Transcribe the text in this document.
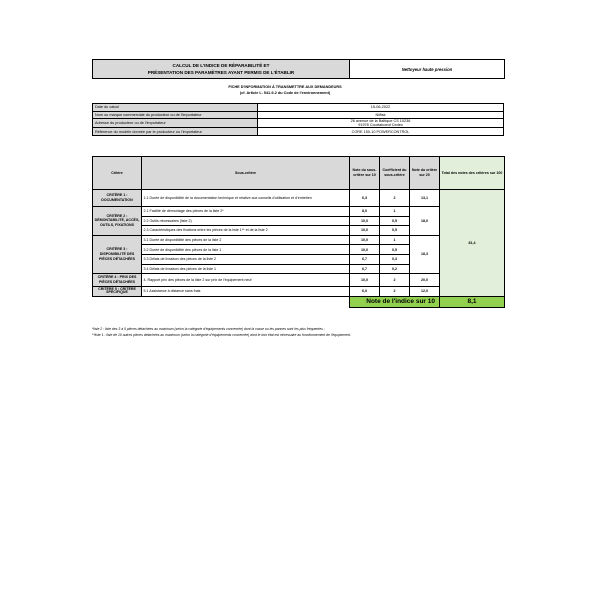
CALCUL DE L'INDICE DE RÉPARABILITÉ ET
PRÉSENTATION DES PARAMÈTRES AYANT PERMIS DE L'ÉTABLIR	Nettoyeur haute pression
FICHE D'INFORMATION À TRANSMETTRE AUX DEMANDEURS
(cf. Article L. 541-9-2 du Code de l'environnement)
Date du calcul	15-06-2022
Nom ou marque commerciale du producteur ou de l'importateur	Nilfisk
Adresse du producteur ou de l'importateur	26 avenue de la Baltique CS 10236
91978 Courtaboeuf Cedex

Référence du modèle donnée par le producteur ou l'importateur	CORE 150-10 POWERCONTROL
Critère	Sous-critère	Note du sous-critère sur 10	Coefficient du sous-critère	Note du critère sur 20	Total des notes des critères sur 100
CRITÈRE 1 : DOCUMENTATION	1.1 Durée de disponibilité de la documentation technique et relative aux conseils d'utilisation et d'entretien	6,3	2	13,1	81,4
CRITÈRE 2 : DÉMONTABILITÉ, ACCÈS, OUTILS, FIXATIONS	2.1 Facilité de démontage des pièces de la liste 2*	8,0	1	18,0	
	2.2 Outils nécessaires (liste 2)	10,0	0,5		
	2.3 Caractéristiques des fixations entre les pièces de la liste 1** et de la liste 2	10,0	0,5		
CRITÈRE 3 : DISPONIBILITÉ DES PIÈCES DÉTACHÉES	3.1 Durée de disponibilité des pièces de la liste 2	10,0	1	18,3	
	3.2 Durée de disponibilité des pièces de la liste 1	10,0	0,5		
	3.3 Délais de livraison des pièces de la liste 2	6,7	0,3		
	3.4 Délais de livraison des pièces de la liste 1	6,7	0,2		
CRITÈRE 4 : PRIX DES PIÈCES DÉTACHÉES	4. Rapport prix des pièces de la liste 2 sur prix de l'équipement neuf	10,0	2	20,0	
CRITÈRE 5 : CRITÈRE SPÉCIFIQUE	5.1 Assistance à distance sans frais	6,0	2	12,0	
		Note de l'indice sur 10			8,1
*liste 2 : liste des 3 à 5 pièces détachées au maximum (selon la catégorie d'équipements concernée) dont la casse ou les pannes sont les plus fréquentes ;
**liste 1 : liste de 10 autres pièces détachées au maximum (selon la catégorie d'équipements concernée) dont le bon état est nécessaire au fonctionnement de l'équipement.
